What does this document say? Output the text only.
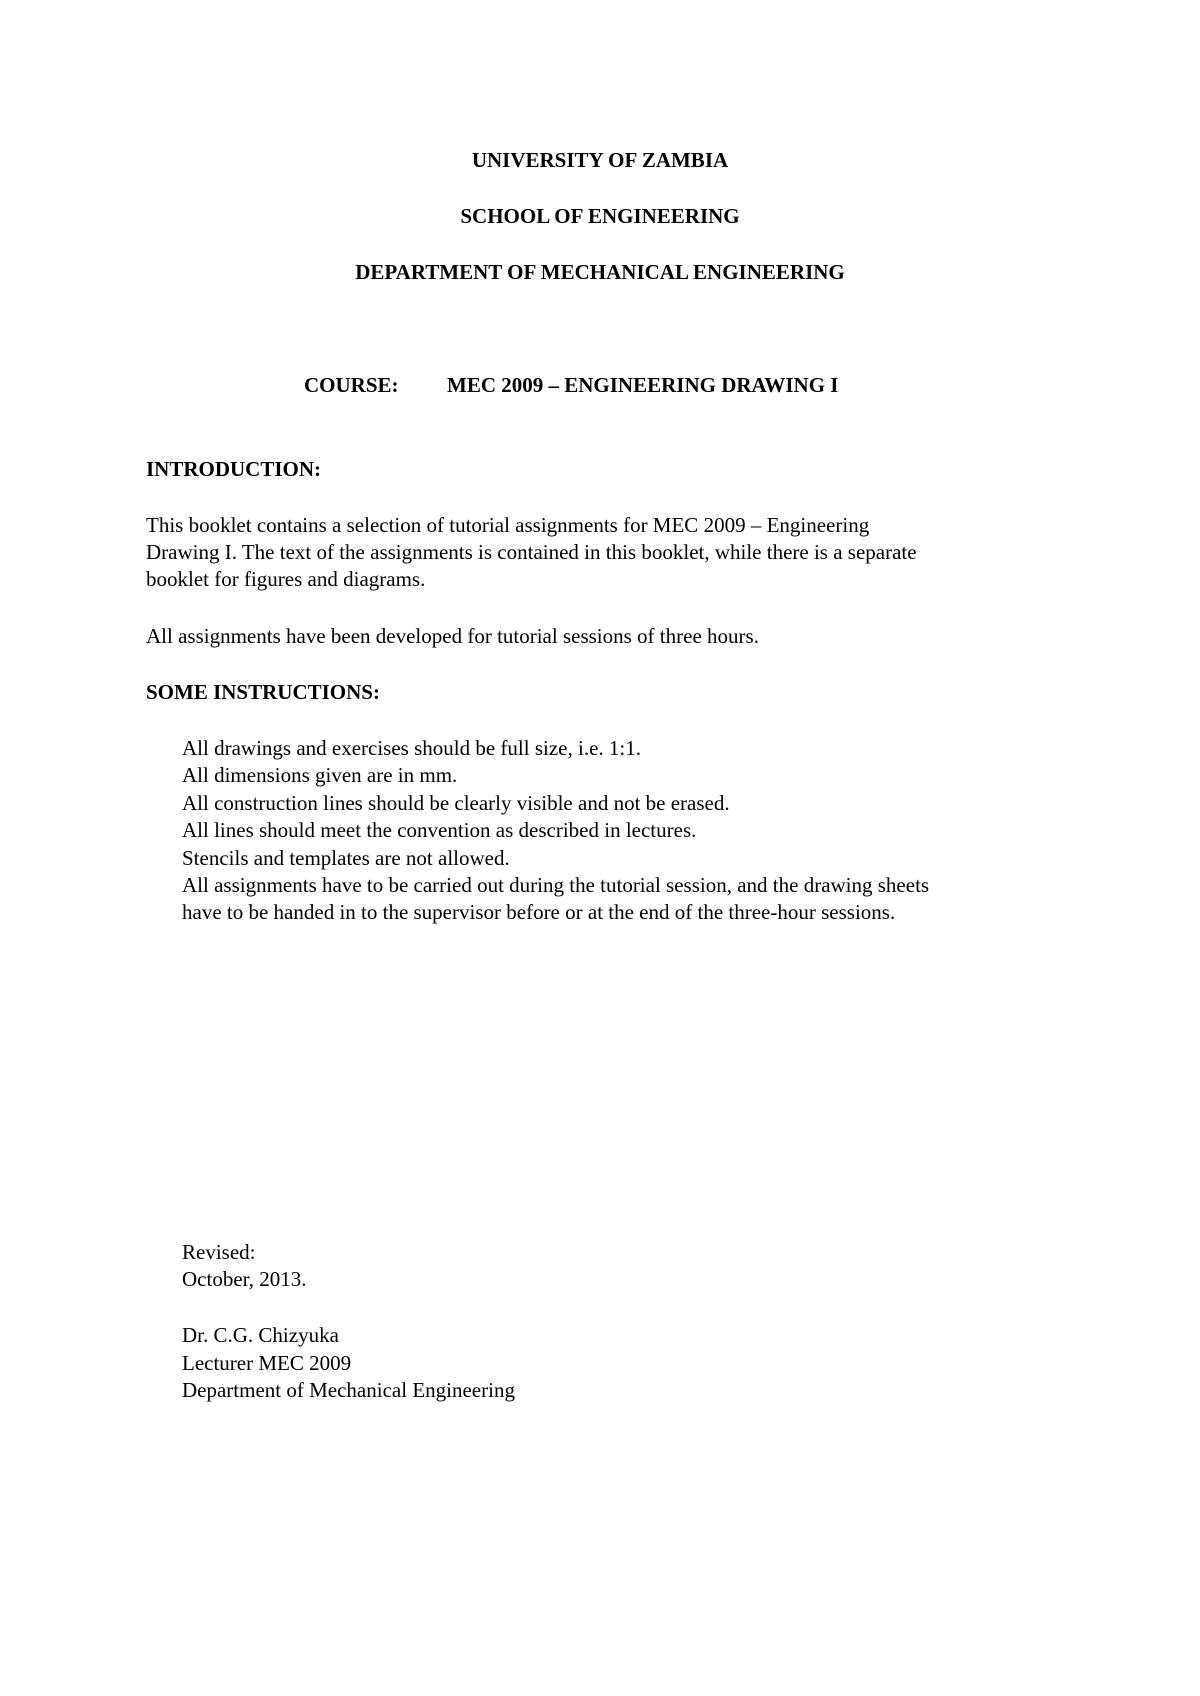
UNIVERSITY OF ZAMBIA
SCHOOL OF ENGINEERING
DEPARTMENT OF MECHANICAL ENGINEERING
COURSE: MEC 2009 – ENGINEERING DRAWING I
INTRODUCTION:
This booklet contains a selection of tutorial assignments for MEC 2009 – Engineering
Drawing I. The text of the assignments is contained in this booklet, while there is a separate
booklet for figures and diagrams.
All assignments have been developed for tutorial sessions of three hours.
SOME INSTRUCTIONS:
All drawings and exercises should be full size, i.e. 1:1.
All dimensions given are in mm.
All construction lines should be clearly visible and not be erased.
All lines should meet the convention as described in lectures.
Stencils and templates are not allowed.
All assignments have to be carried out during the tutorial session, and the drawing sheets
have to be handed in to the supervisor before or at the end of the three-hour sessions.
Revised:
October, 2013.
Dr. C.G. Chizyuka
Lecturer MEC 2009
Department of Mechanical Engineering
